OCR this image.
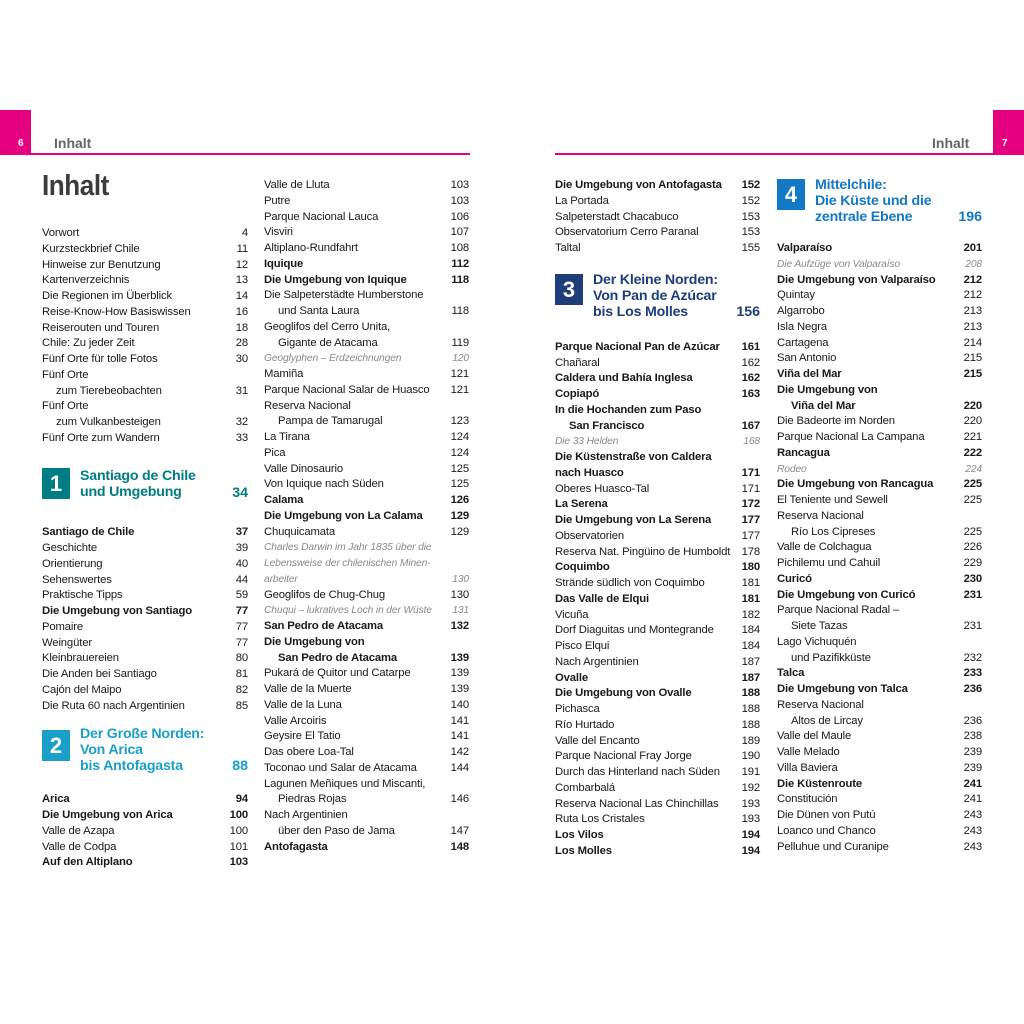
6 Inhalt	7
Inhalt
Inhalt
Vorwort	4
Kurzsteckbrief Chile	11
Hinweise zur Benutzung	12
Kartenverzeichnis	13
Die Regionen im Überblick	14
Reise-Know-How Basiswissen	16
Reiserouten und Touren	18
Chile: Zu jeder Zeit	28
Fünf Orte für tolle Fotos	30
Fünf Orte
zum Tierebeobachten	31
Fünf Orte
zum Vulkanbesteigen	32
Fünf Orte zum Wandern	33
1	Santiago de Chile
und Umgebung	34
Santiago de Chile	37
Geschichte	39
Orientierung	40
Sehenswertes	44
Praktische Tipps	59
Die Umgebung von Santiago	77
Pomaire	77
Weingüter	77
Kleinbrauereien	80
Die Anden bei Santiago	81
Cajón del Maipo	82
Die Ruta 60 nach Argentinien	85
2	Der Große Norden:
Von Arica
bis Antofagasta	88
Arica	94
Die Umgebung von Arica	100
Valle de Azapa	100
Valle de Codpa	101
Auf den Altiplano	103
Valle de Lluta	103
Putre	103
Parque Nacional Lauca	106
Visviri	107
Altiplano-Rundfahrt	108
Iquique	112
Die Umgebung von Iquique	118
Die Salpeterstädte Humberstone
und Santa Laura	118
Geoglifos del Cerro Unita,
Gigante de Atacama	119
Geoglyphen – Erdzeichnungen	120
Mamiña	121
Parque Nacional Salar de Huasco 121
Reserva Nacional
Pampa de Tamarugal	123
La Tirana	124
Pica	124
Valle Dinosaurio	125
Von Iquique nach Süden	125
Calama	126
Die Umgebung von La Calama 129
Chuquicamata	129
Charles Darwin im Jahr 1835 über die
Lebensweise der chilenischen Minen-
arbeiter	130
Geoglifos de Chug-Chug	130
Chuqui – lukratives Loch in der Wüste 131
San Pedro de Atacama	132
Die Umgebung von
San Pedro de Atacama	139
Pukará de Quitor und Catarpe	139
Valle de la Muerte	139
Valle de la Luna	140
Valle Arcoiris	141
Geysire El Tatio	141
Das obere Loa-Tal	142
Toconao und Salar de Atacama	144
Lagunen Meñiques und Miscanti,
Piedras Rojas	146
Nach Argentinien
über den Paso de Jama	147
Antofagasta	148
Die Umgebung von Antofagasta 152
La Portada	152
Salpeterstadt Chacabuco	153
Observatorium Cerro Paranal	153
Taltal	155
3	Der Kleine Norden:
Von Pan de Azúcar
bis Los Molles	156
Parque Nacional Pan de Azúcar 161
Chañaral	162
Caldera und Bahía Inglesa	162
Copiapó	163
In die Hochanden zum Paso
San Francisco	167
Die 33 Helden	168
Die Küstenstraße von Caldera
nach Huasco	171
Oberes Huasco-Tal	171
La Serena	172
Die Umgebung von La Serena	177
Observatorien	177
Reserva Nat. Pingüino de Humboldt 178
Coquimbo	180
Strände südlich von Coquimbo	181
Das Valle de Elqui	181
Vicuña	182
Dorf Diaguitas und Montegrande 184
Pisco Elqui	184
Nach Argentinien	187
Ovalle	187
Die Umgebung von Ovalle	188
Pichasca	188
Río Hurtado	188
Valle del Encanto	189
Parque Nacional Fray Jorge	190
Durch das Hinterland nach Süden 191
Combarbalá	192
Reserva Nacional Las Chinchillas 193
Ruta Los Cristales	193
Los Vilos	194
Los Molles	194
4	Mittelchile:
Die Küste und die
zentrale Ebene	196
Valparaíso	201
Die Aufzüge von Valparaíso	208
Die Umgebung von Valparaíso 212
Quintay	212
Algarrobo	213
Isla Negra	213
Cartagena	214
San Antonio	215
Viña del Mar	215
Die Umgebung von
Viña del Mar	220
Die Badeorte im Norden	220
Parque Nacional La Campana	221
Rancagua	222
Rodeo	224
Die Umgebung von Rancagua	225
El Teniente und Sewell	225
Reserva Nacional
Río Los Cipreses	225
Valle de Colchagua	226
Pichilemu und Cahuil	229
Curicó	230
Die Umgebung von Curicó	231
Parque Nacional Radal –
Siete Tazas	231
Lago Vichuquén
und Pazifikküste	232
Talca	233
Die Umgebung von Talca	236
Reserva Nacional
Altos de Lircay	236
Valle del Maule	238
Valle Melado	239
Villa Baviera	239
Die Küstenroute	241
Constitución	241
Die Dünen von Putú	243
Loanco und Chanco	243
Pelluhue und Curanipe	243
